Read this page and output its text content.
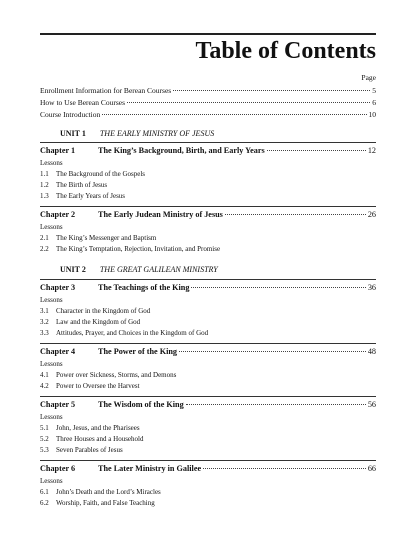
Table of Contents
Page
Enrollment Information for Berean Courses	5
How to Use Berean Courses	6
Course Introduction	10
UNIT 1 THE EARLY MINISTRY OF JESUS
Chapter 1	The King’s Background, Birth, and Early Years	12
Lessons
1.1 The Background of the Gospels
1.2 The Birth of Jesus
1.3 The Early Years of Jesus
Chapter 2	The Early Judean Ministry of Jesus	26
Lessons
2.1 The King’s Messenger and Baptism
2.2 The King’s Temptation, Rejection, Invitation, and Promise
UNIT 2 THE GREAT GALILEAN MINISTRY
Chapter 3	The Teachings of the King	36
Lessons
3.1 Character in the Kingdom of God
3.2 Law and the Kingdom of God
3.3 Attitudes, Prayer, and Choices in the Kingdom of God
Chapter 4	The Power of the King	48
Lessons
4.1 Power over Sickness, Storms, and Demons
4.2 Power to Oversee the Harvest
Chapter 5	The Wisdom of the King	56
Lessons
5.1 John, Jesus, and the Pharisees
5.2 Three Houses and a Household
5.3 Seven Parables of Jesus
Chapter 6	The Later Ministry in Galilee	66
Lessons
6.1 John’s Death and the Lord’s Miracles
6.2 Worship, Faith, and False Teaching
